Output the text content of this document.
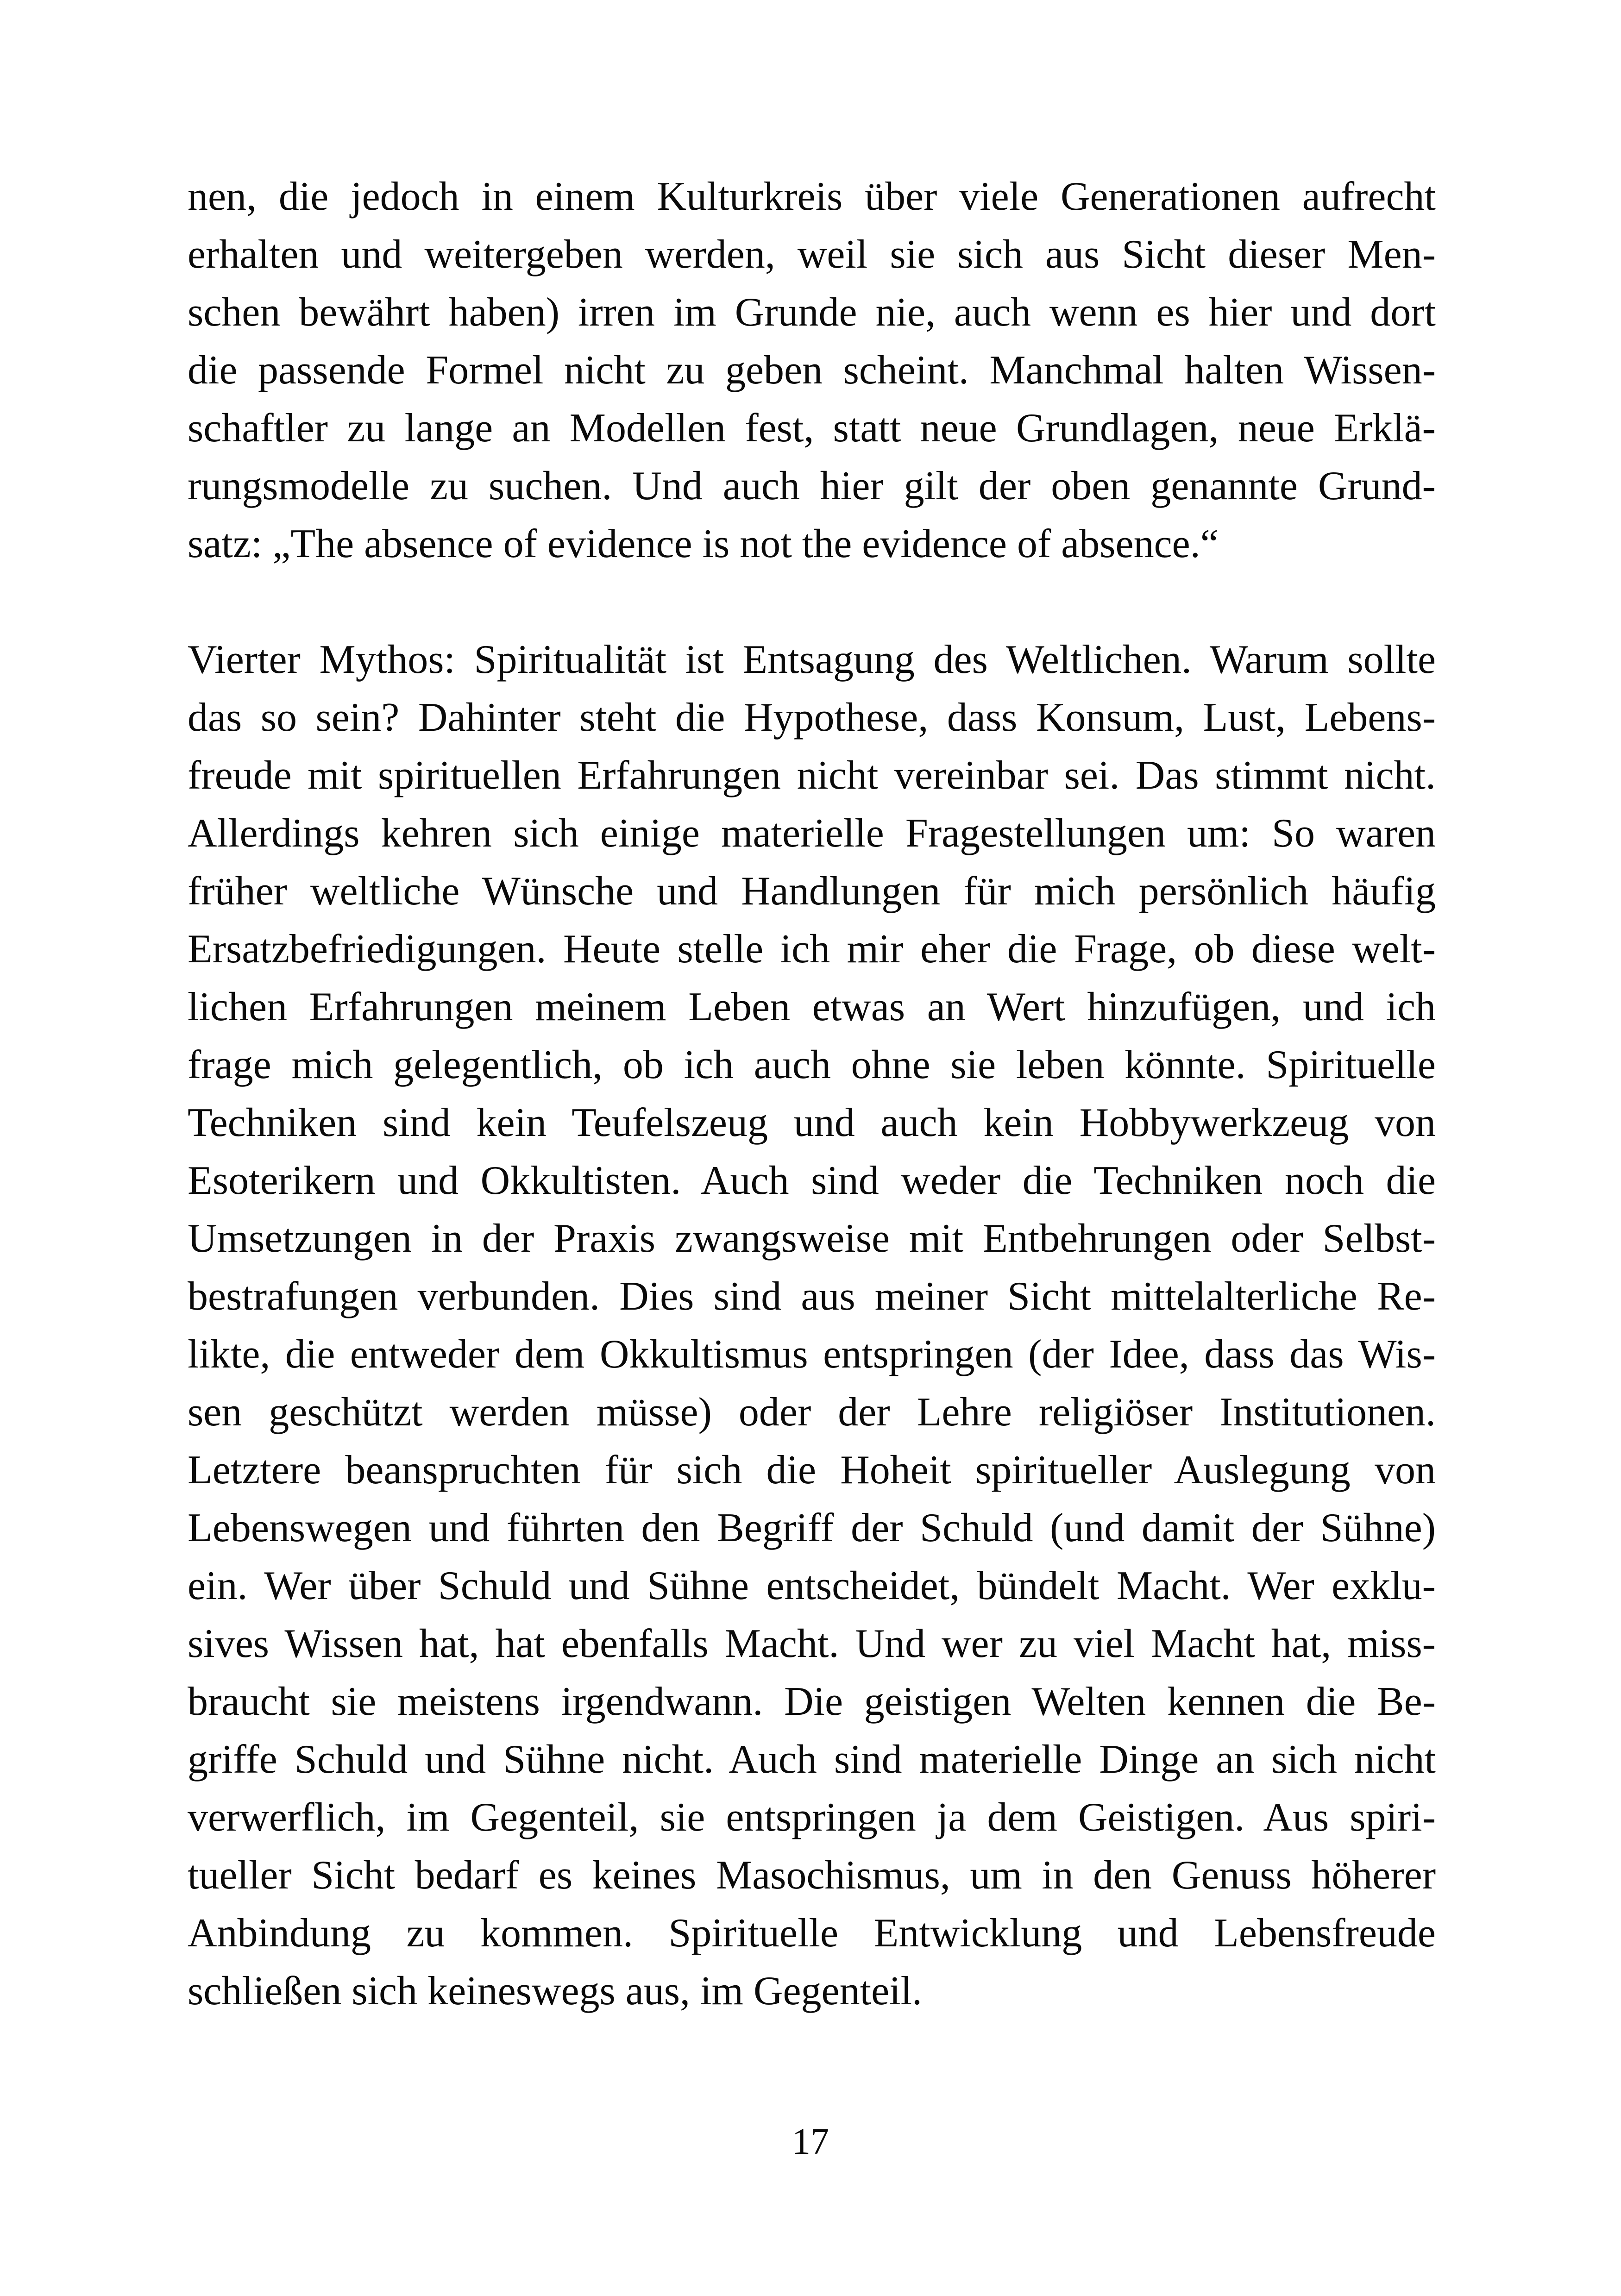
nen, die jedoch in einem Kulturkreis über viele Generationen aufrecht
erhalten und weitergeben werden, weil sie sich aus Sicht dieser Men-
schen bewährt haben) irren im Grunde nie, auch wenn es hier und dort
die passende Formel nicht zu geben scheint. Manchmal halten Wissen-
schaftler zu lange an Modellen fest, statt neue Grundlagen, neue Erklä-
rungsmodelle zu suchen. Und auch hier gilt der oben genannte Grund-
satz: „The absence of evidence is not the evidence of absence.“
Vierter Mythos: Spiritualität ist Entsagung des Weltlichen. Warum sollte
das so sein? Dahinter steht die Hypothese, dass Konsum, Lust, Lebens-
freude mit spirituellen Erfahrungen nicht vereinbar sei. Das stimmt nicht.
Allerdings kehren sich einige materielle Fragestellungen um: So waren
früher weltliche Wünsche und Handlungen für mich persönlich häufig
Ersatzbefriedigungen. Heute stelle ich mir eher die Frage, ob diese welt-
lichen Erfahrungen meinem Leben etwas an Wert hinzufügen, und ich
frage mich gelegentlich, ob ich auch ohne sie leben könnte. Spirituelle
Techniken sind kein Teufelszeug und auch kein Hobbywerkzeug von
Esoterikern und Okkultisten. Auch sind weder die Techniken noch die
Umsetzungen in der Praxis zwangsweise mit Entbehrungen oder Selbst-
bestrafungen verbunden. Dies sind aus meiner Sicht mittelalterliche Re-
likte, die entweder dem Okkultismus entspringen (der Idee, dass das Wis-
sen geschützt werden müsse) oder der Lehre religiöser Institutionen.
Letztere beanspruchten für sich die Hoheit spiritueller Auslegung von
Lebenswegen und führten den Begriff der Schuld (und damit der Sühne)
ein. Wer über Schuld und Sühne entscheidet, bündelt Macht. Wer exklu-
sives Wissen hat, hat ebenfalls Macht. Und wer zu viel Macht hat, miss-
braucht sie meistens irgendwann. Die geistigen Welten kennen die Be-
griffe Schuld und Sühne nicht. Auch sind materielle Dinge an sich nicht
verwerflich, im Gegenteil, sie entspringen ja dem Geistigen. Aus spiri-
tueller Sicht bedarf es keines Masochismus, um in den Genuss höherer
Anbindung zu kommen. Spirituelle Entwicklung und Lebensfreude
schließen sich keineswegs aus, im Gegenteil.
17
